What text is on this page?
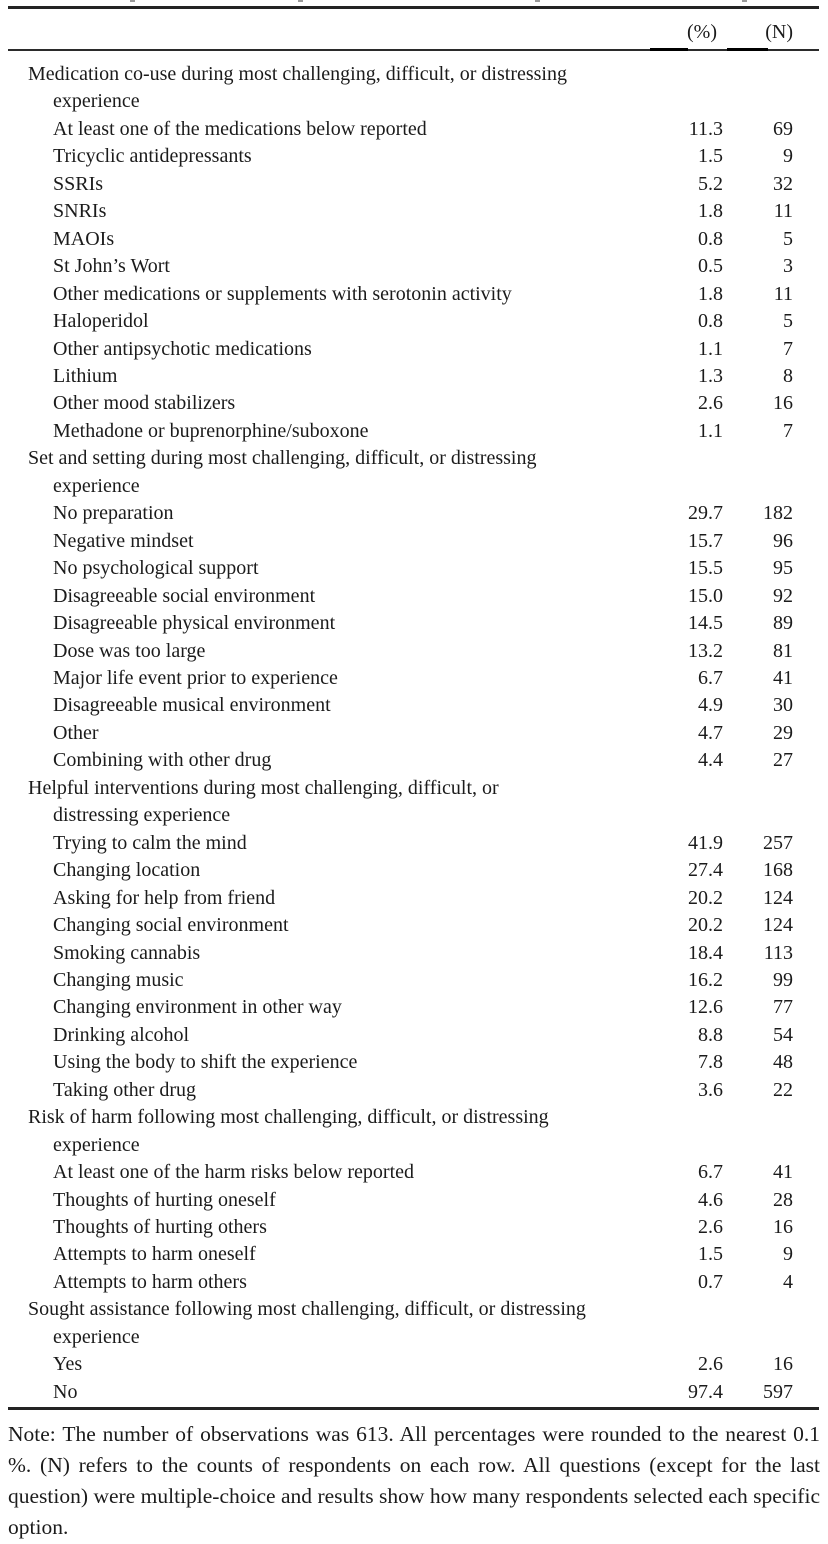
(%)	(N)
Medication co-use during most challenging, difficult, or distressing
experience
At least one of the medications below reported	11.3	69
Tricyclic antidepressants	1.5	9
SSRIs	5.2	32
SNRIs	1.8	11
MAOIs	0.8	5
St John’s Wort	0.5	3
Other medications or supplements with serotonin activity	1.8	11
Haloperidol	0.8	5
Other antipsychotic medications	1.1	7
Lithium	1.3	8
Other mood stabilizers	2.6	16
Methadone or buprenorphine/suboxone	1.1	7
Set and setting during most challenging, difficult, or distressing
experience
No preparation	29.7	182
Negative mindset	15.7	96
No psychological support	15.5	95
Disagreeable social environment	15.0	92
Disagreeable physical environment	14.5	89
Dose was too large	13.2	81
Major life event prior to experience	6.7	41
Disagreeable musical environment	4.9	30
Other	4.7	29
Combining with other drug	4.4	27
Helpful interventions during most challenging, difficult, or
distressing experience
Trying to calm the mind	41.9	257
Changing location	27.4	168
Asking for help from friend	20.2	124
Changing social environment	20.2	124
Smoking cannabis	18.4	113
Changing music	16.2	99
Changing environment in other way	12.6	77
Drinking alcohol	8.8	54
Using the body to shift the experience	7.8	48
Taking other drug	3.6	22
Risk of harm following most challenging, difficult, or distressing
experience
At least one of the harm risks below reported	6.7	41
Thoughts of hurting oneself	4.6	28
Thoughts of hurting others	2.6	16
Attempts to harm oneself	1.5	9
Attempts to harm others	0.7	4
Sought assistance following most challenging, difficult, or distressing
experience
Yes	2.6	16
No	97.4	597

Note: The number of observations was 613. All percentages were rounded to the nearest 0.1 %. (N) refers to the counts of respondents on each row. All questions (except for the last question) were multiple-choice and results show how many respondents selected each specific option.
